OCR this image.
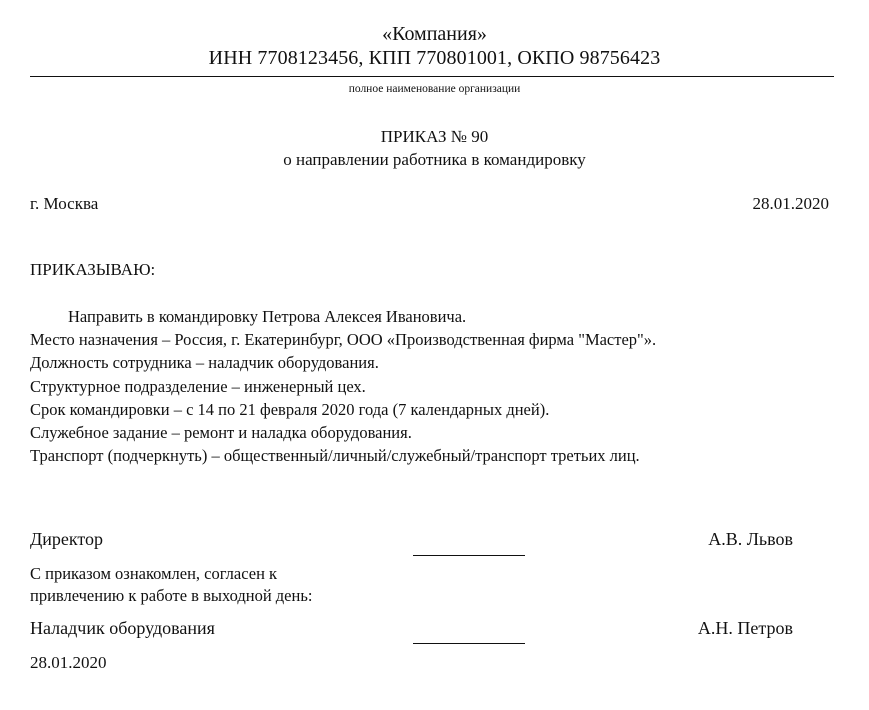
«Компания»
ИНН 7708123456, КПП 770801001, ОКПО 98756423
полное наименование организации
ПРИКАЗ № 90
о направлении работника в командировку
г. Москва	28.01.2020
ПРИКАЗЫВАЮ:
Направить в командировку Петрова Алексея Ивановича.
Место назначения – Россия, г. Екатеринбург, ООО «Производственная фирма "Мастер"».
Должность сотрудника – наладчик оборудования.
Структурное подразделение – инженерный цех.
Срок командировки – с 14 по 21 февраля 2020 года (7 календарных дней).
Служебное задание – ремонт и наладка оборудования.
Транспорт (подчеркнуть) – общественный/личный/служебный/транспорт третьих лиц.
Директор	А.В. Львов
С приказом ознакомлен, согласен к
привлечению к работе в выходной день:
Наладчик оборудования	А.Н. Петров
28.01.2020
